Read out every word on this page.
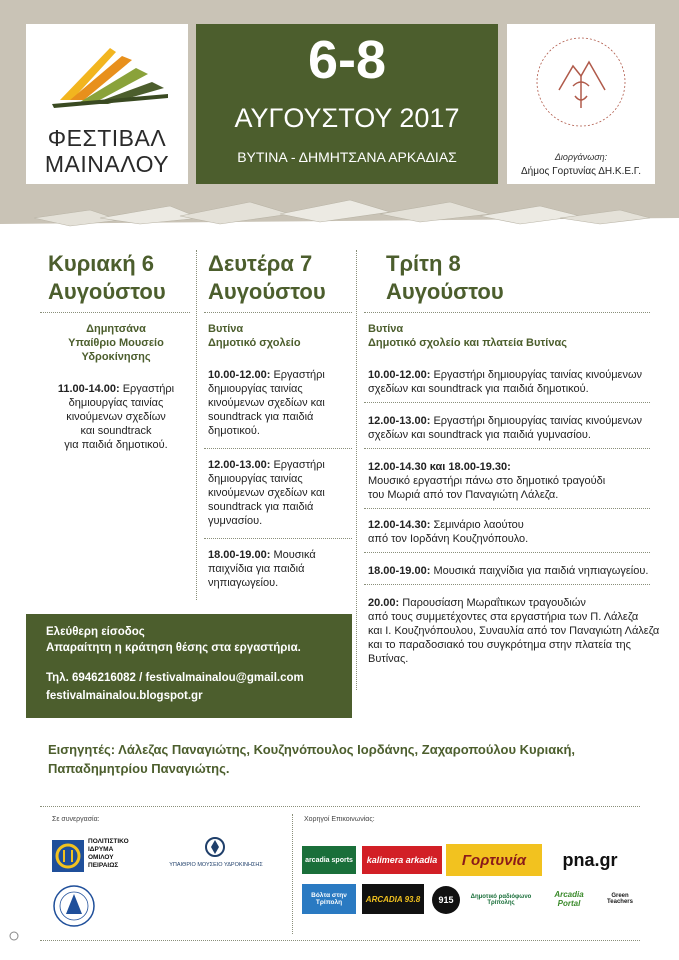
ΦΕΣΤΙΒΑΛ
ΜΑΙΝΑΛΟΥ
6-8
ΑΥΓΟΥΣΤΟΥ 2017
ΒΥΤΙΝΑ - ΔΗΜΗΤΣΑΝΑ ΑΡΚΑΔΙΑΣ	Διοργάνωση:
Δήμος Γορτυνίας ΔΗ.Κ.Ε.Γ.
Κυριακή 6
Αυγούστου
Δημητσάνα
Υπαίθριο Μουσείο
Υδροκίνησης
11.00-14.00: Εργαστήρι
δημιουργίας ταινίας
κινούμενων σχεδίων
και soundtrack
για παιδιά δημοτικού.
Δευτέρα 7
Αυγούστου
Βυτίνα
Δημοτικό σχολείο
10.00-12.00: Εργαστήρι
δημιουργίας ταινίας
κινούμενων σχεδίων και
soundtrack για παιδιά
δημοτικού.
12.00-13.00: Εργαστήρι
δημιουργίας ταινίας
κινούμενων σχεδίων και
soundtrack για παιδιά
γυμνασίου.
18.00-19.00: Μουσικά
παιχνίδια για παιδιά
νηπιαγωγείου.
Τρίτη 8
Αυγούστου
Βυτίνα
Δημοτικό σχολείο και πλατεία Βυτίνας
10.00-12.00: Εργαστήρι δημιουργίας ταινίας κινούμενων
σχεδίων και soundtrack για παιδιά δημοτικού.
12.00-13.00: Εργαστήρι δημιουργίας ταινίας κινούμενων
σχεδίων και soundtrack για παιδιά γυμνασίου.
12.00-14.30 και 18.00-19.30:
Μουσικό εργαστήρι πάνω στο δημοτικό τραγούδι
του Μωριά από τον Παναγιώτη Λάλεζα.
12.00-14.30: Σεμινάριο λαούτου
από τον Ιορδάνη Κουζηνόπουλο.
18.00-19.00: Μουσικά παιχνίδια για παιδιά νηπιαγωγείου.
20.00: Παρουσίαση Μωραΐτικων τραγουδιών
από τους συμμετέχοντες στα εργαστήρια των Π. Λάλεζα
και Ι. Κουζηνόπουλου, Συναυλία από τον Παναγιώτη Λάλεζα
και το παραδοσιακό του συγκρότημα στην πλατεία της
Βυτίνας.
Ελεύθερη είσοδος
Απαραίτητη η κράτηση θέσης στα εργαστήρια.
Τηλ. 6946216082 / festivalmainalou@gmail.com
festivalmainalou.blogspot.gr
Εισηγητές: Λάλεζας Παναγιώτης, Κουζηνόπουλος Ιορδάνης, Ζαχαροπούλου Κυριακή,
Παπαδημητρίου Παναγιώτης.
Σε συνεργασία:	Χορηγοί Επικοινωνίας:
ΠΟΛΙΤΙΣΤΙΚΟ
ΙΔΡΥΜΑ
ΟΜΙΛΟΥ
ΠΕΙΡΑΙΩΣ	ΥΠΑΙΘΡΙΟ ΜΟΥΣΕΙΟ ΥΔΡΟΚΙΝΗΣΗΣ
arcadia sports	kalimera arkadia	Γορτυνία	pna.gr
Βόλτα στην Τρίπολη	ARCADIA 93.8	915	Δημοτικό ραδιόφωνο Τρίπολης
Arcadia Portal
Green Teachers
